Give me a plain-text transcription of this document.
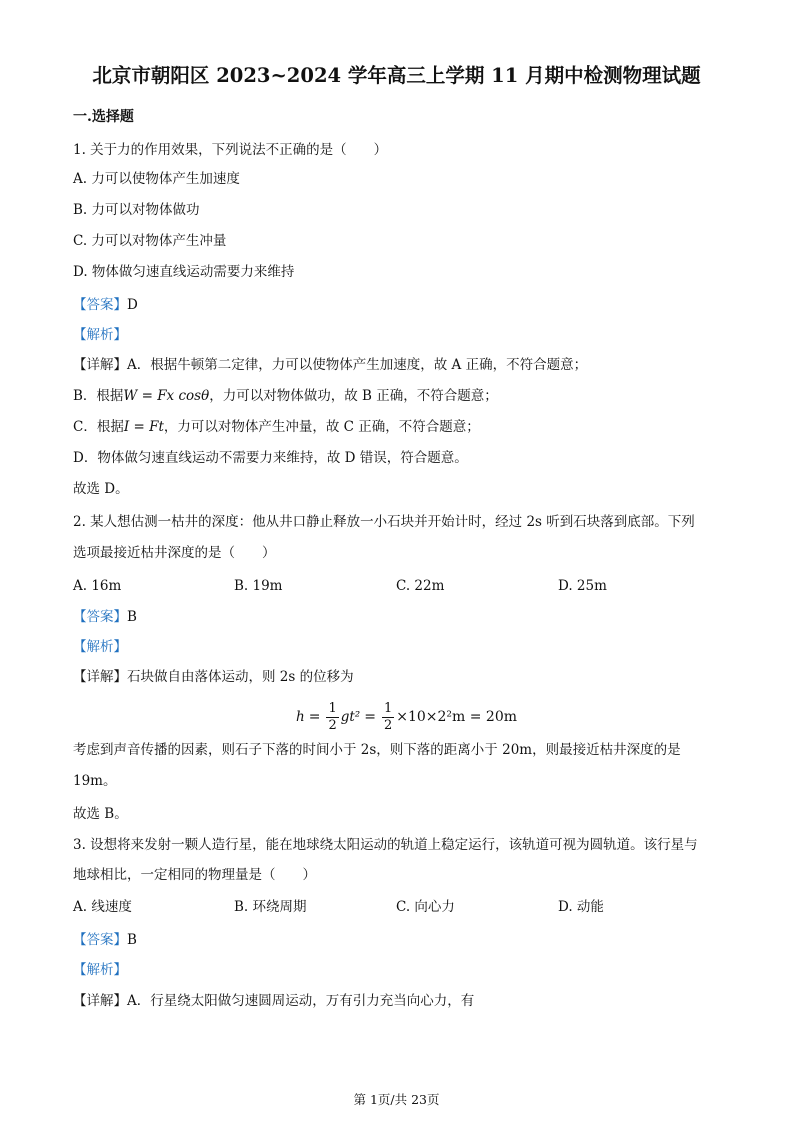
北京市朝阳区 2023~2024 学年高三上学期 11 月期中检测物理试题
一.选择题
1. 关于力的作用效果，下列说法不正确的是（　　）
A. 力可以使物体产生加速度
B. 力可以对物体做功
C. 力可以对物体产生冲量
D. 物体做匀速直线运动需要力来维持
【答案】D
【解析】
【详解】A．根据牛顿第二定律，力可以使物体产生加速度，故 A 正确，不符合题意；
B．根据W = Fx cosθ，力可以对物体做功，故 B 正确，不符合题意；
C．根据I = Ft，力可以对物体产生冲量，故 C 正确，不符合题意；
D．物体做匀速直线运动不需要力来维持，故 D 错误，符合题意。
故选 D。
2. 某人想估测一枯井的深度：他从井口静止释放一小石块并开始计时，经过 2s 听到石块落到底部。下列
选项最接近枯井深度的是（　　）
A. 16m	B. 19m	C. 22m	D. 25m
【答案】B
【解析】
【详解】石块做自由落体运动，则 2s 的位移为
$h = \frac{1}{2} gt^2 = \frac{1}{2} \times 10\times 2^2m = 20m$
考虑到声音传播的因素，则石子下落的时间小于 2s，则下落的距离小于 20m，则最接近枯井深度的是
19m。
故选 B。
3. 设想将来发射一颗人造行星，能在地球绕太阳运动的轨道上稳定运行，该轨道可视为圆轨道。该行星与
地球相比，一定相同的物理量是（　　）
A. 线速度	B. 环绕周期	C. 向心力	D. 动能
【答案】B
【解析】
【详解】A．行星绕太阳做匀速圆周运动，万有引力充当向心力，有
第 1页/共 23页
